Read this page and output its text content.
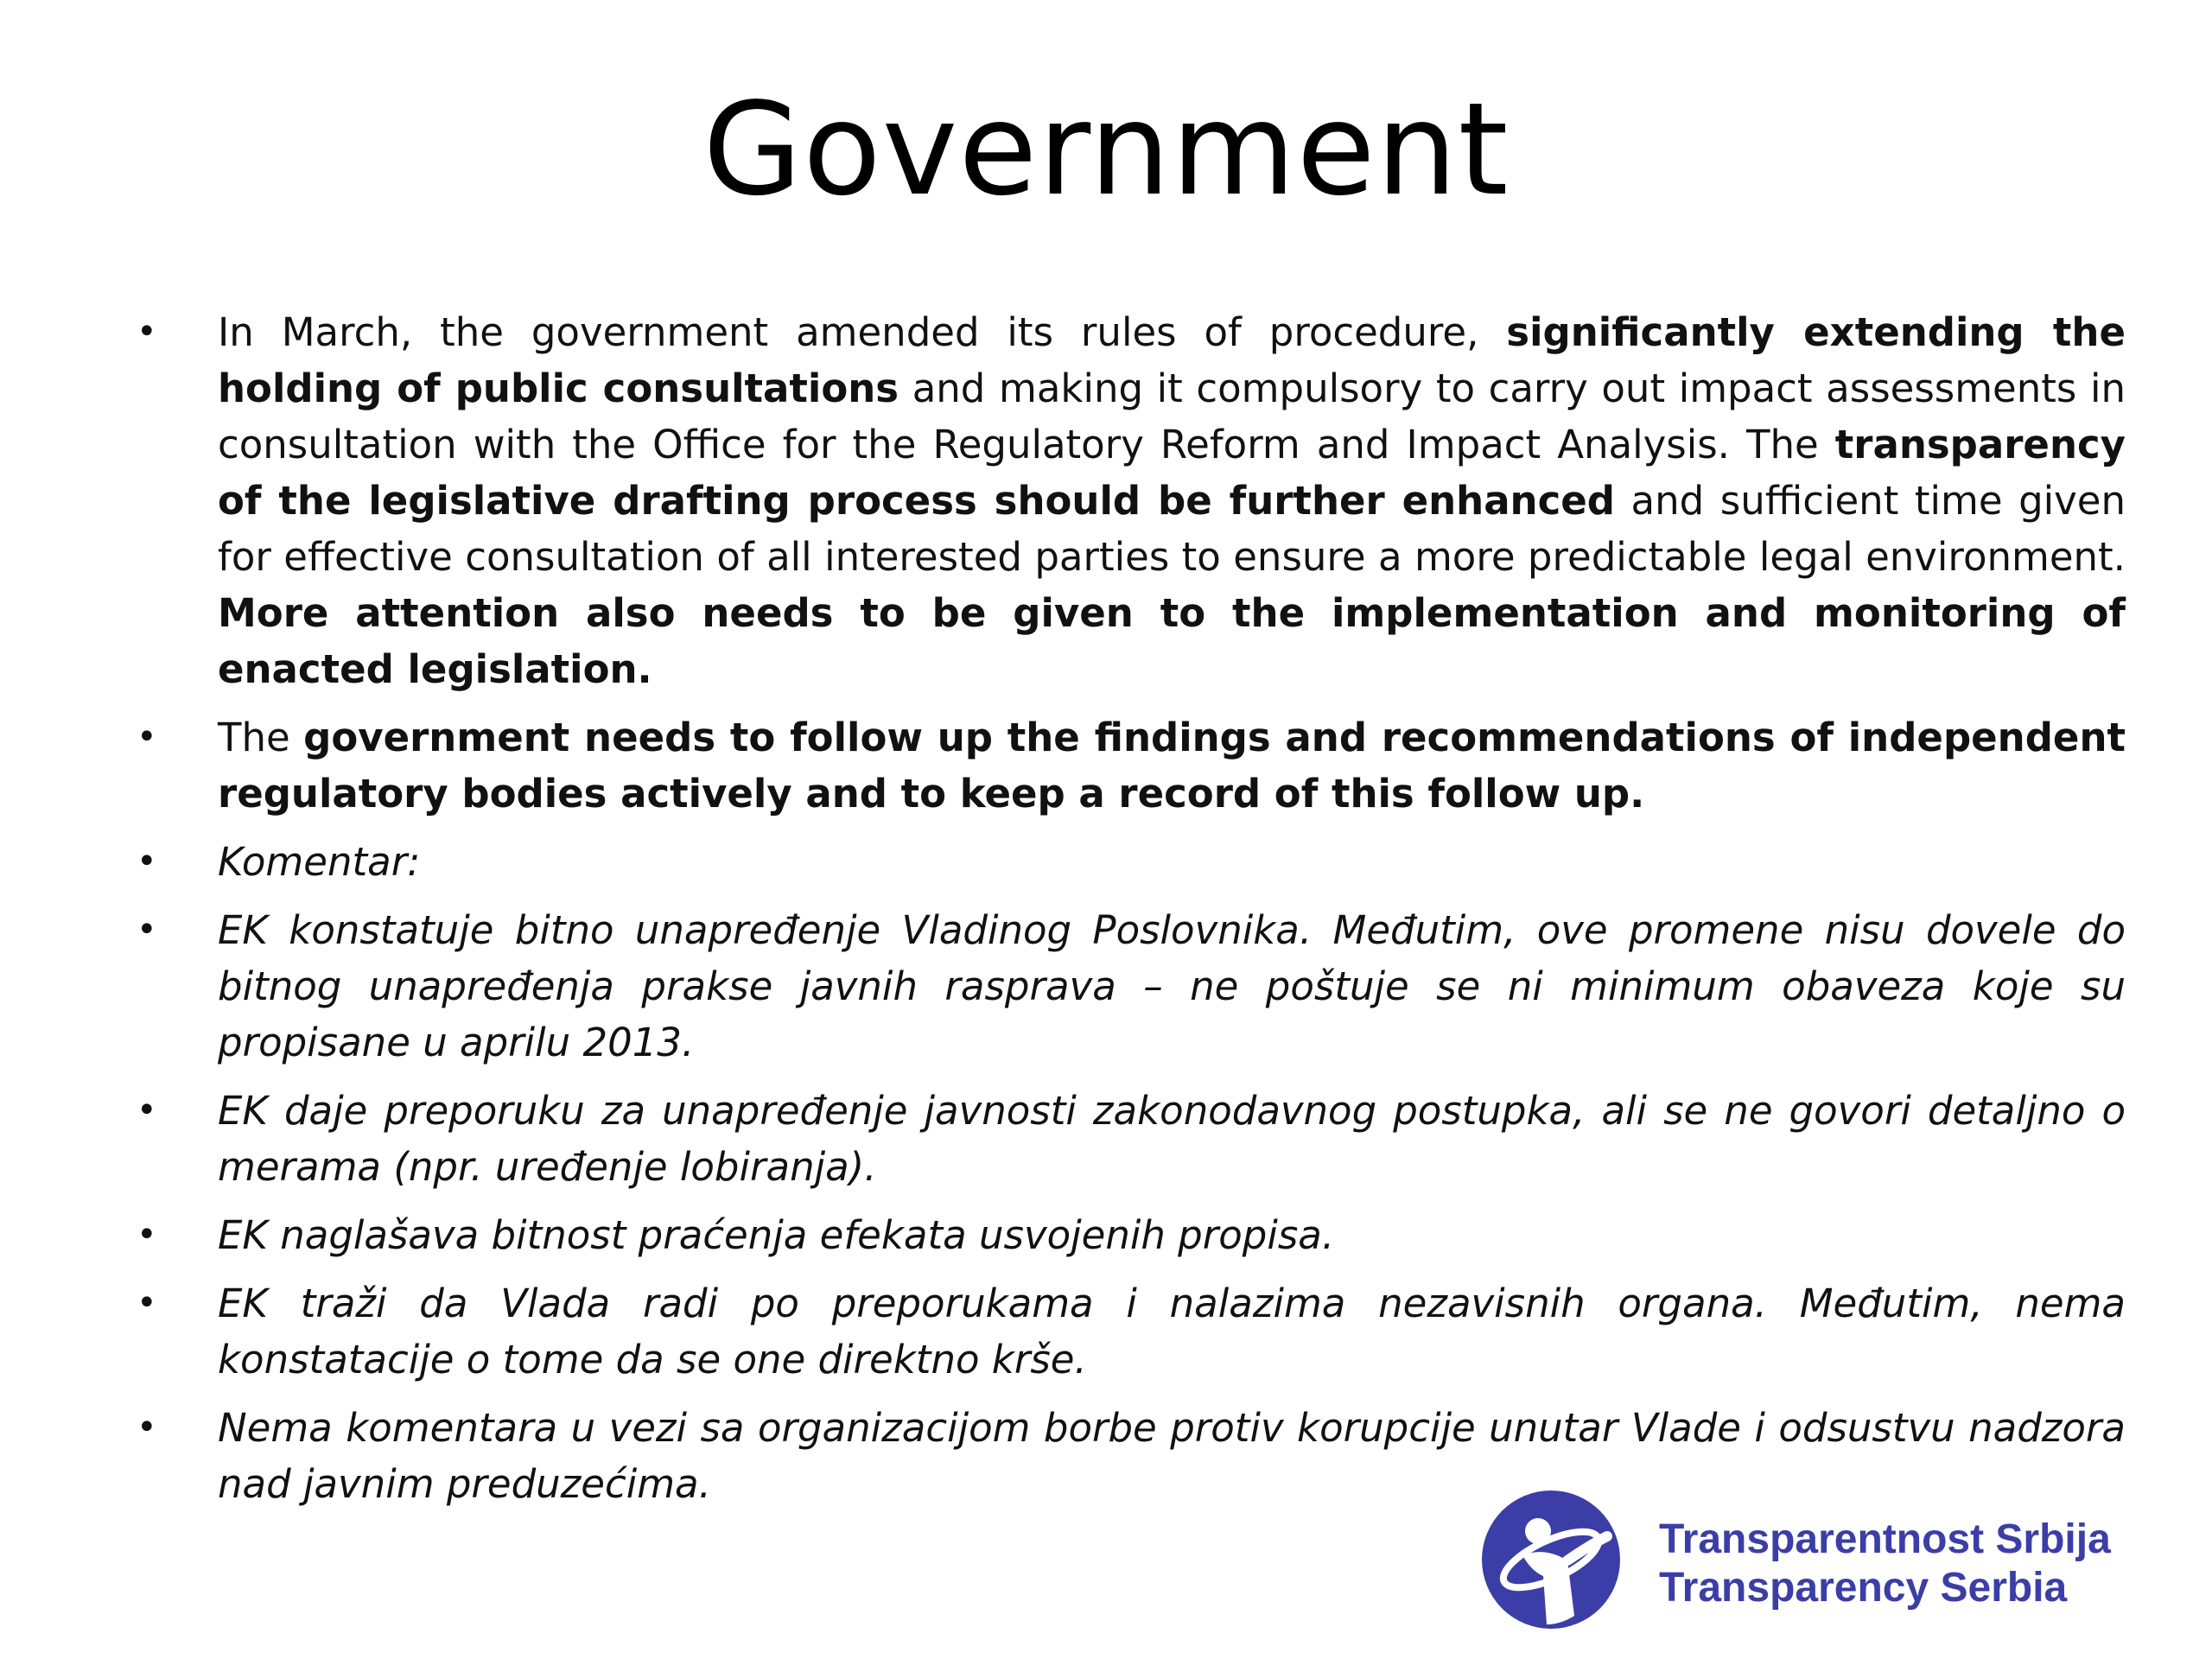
Government
• In March, the government amended its rules of procedure, significantly extending the holding of public consultations and making it compulsory to carry out impact assessments in consultation with the Office for the Regulatory Reform and Impact Analysis. The transparency of the legislative drafting process should be further enhanced and sufficient time given for effective consultation of all interested parties to ensure a more predictable legal environment. More attention also needs to be given to the implementation and monitoring of enacted legislation.
• The government needs to follow up the findings and recommendations of independent regulatory bodies actively and to keep a record of this follow up.
• Komentar:
• EK konstatuje bitno unapređenje Vladinog Poslovnika. Međutim, ove promene nisu dovele do bitnog unapređenja prakse javnih rasprava – ne poštuje se ni minimum obaveza koje su propisane u aprilu 2013.
• EK daje preporuku za unapređenje javnosti zakonodavnog postupka, ali se ne govori detaljno o merama (npr. uređenje lobiranja).
• EK naglašava bitnost praćenja efekata usvojenih propisa.
• EK traži da Vlada radi po preporukama i nalazima nezavisnih organa. Međutim, nema konstatacije o tome da se one direktno krše.
• Nema komentara u vezi sa organizacijom borbe protiv korupcije unutar Vlade i odsustvu nadzora nad javnim preduzećima.
Transparentnost Srbija
Transparency Serbia
